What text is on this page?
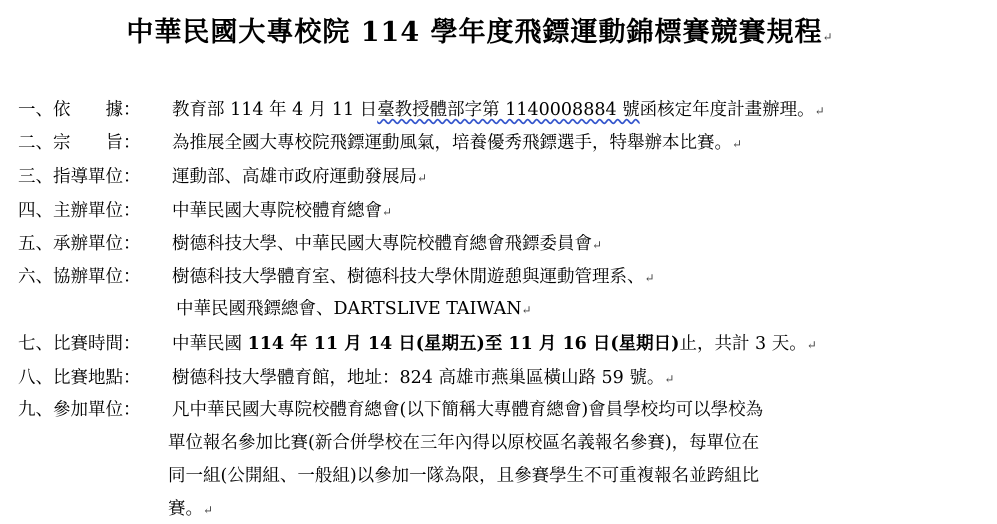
中華民國大專校院 114 學年度飛鏢運動錦標賽競賽規程↵
一、依　　據： 教育部 114 年 4 月 11 日臺教授體部字第 1140008884 號函核定年度計畫辦理。↵
二、宗　　旨： 為推展全國大專校院飛鏢運動風氣，培養優秀飛鏢選手，特舉辦本比賽。↵
三、指導單位： 運動部、高雄市政府運動發展局↵
四、主辦單位： 中華民國大專院校體育總會↵
五、承辦單位： 樹德科技大學、中華民國大專院校體育總會飛鏢委員會↵
六、協辦單位： 樹德科技大學體育室、樹德科技大學休閒遊憩與運動管理系、↵
中華民國飛鏢總會、DARTSLIVE TAIWAN↵
七、比賽時間： 中華民國 114 年 11 月 14 日(星期五)至 11 月 16 日(星期日)止，共計 3 天。↵
八、比賽地點： 樹德科技大學體育館，地址：824 高雄市燕巢區橫山路 59 號。↵
九、參加單位： 凡中華民國大專院校體育總會(以下簡稱大專體育總會)會員學校均可以學校為
單位報名參加比賽(新合併學校在三年內得以原校區名義報名參賽)，每單位在
同一組(公開組、一般組)以參加一隊為限，且參賽學生不可重複報名並跨組比
賽。↵
